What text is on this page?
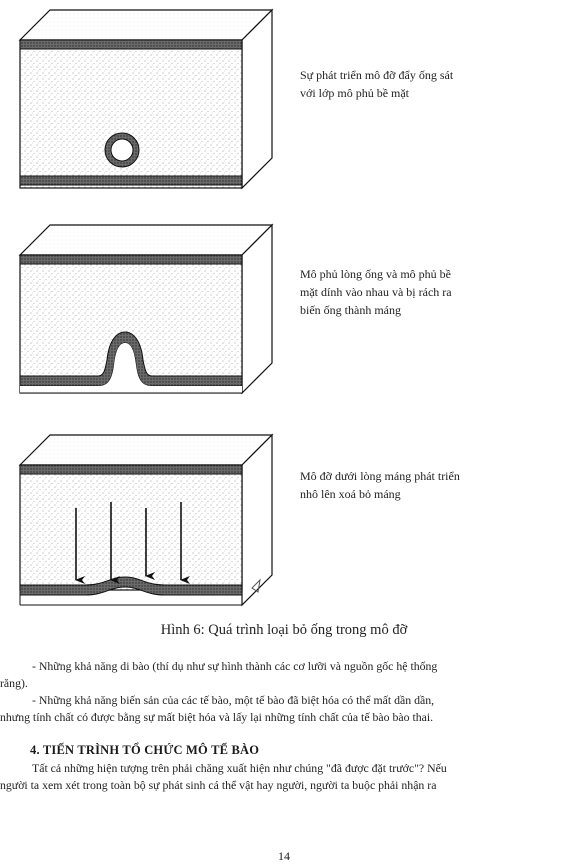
Sự phát triển mô đỡ đẩy ống sát
với lớp mô phủ bề mặt
Mô phủ lòng ống và mô phủ bề
mặt dính vào nhau và bị rách ra
biến ống thành máng
Mô đỡ dưới lòng máng phát triển
nhô lên xoá bỏ máng
Hình 6: Quá trình loại bỏ ống trong mô đỡ
- Những khả năng di bào (thí dụ như sự hình thành các cơ lưỡi và nguồn gốc hệ thống
răng).
- Những khả năng biến sản của các tế bào, một tế bào đã biệt hóa có thể mất dần dần,
nhưng tính chất có được bằng sự mất biệt hóa và lấy lại những tính chất của tế bào bào thai.
4. TIẾN TRÌNH TỔ CHỨC MÔ TẾ BÀO
Tất cả những hiện tượng trên phải chăng xuất hiện như chúng "đã được đặt trước"? Nếu
người ta xem xét trong toàn bộ sự phát sinh cá thể vật hay người, người ta buộc phải nhận ra
14
